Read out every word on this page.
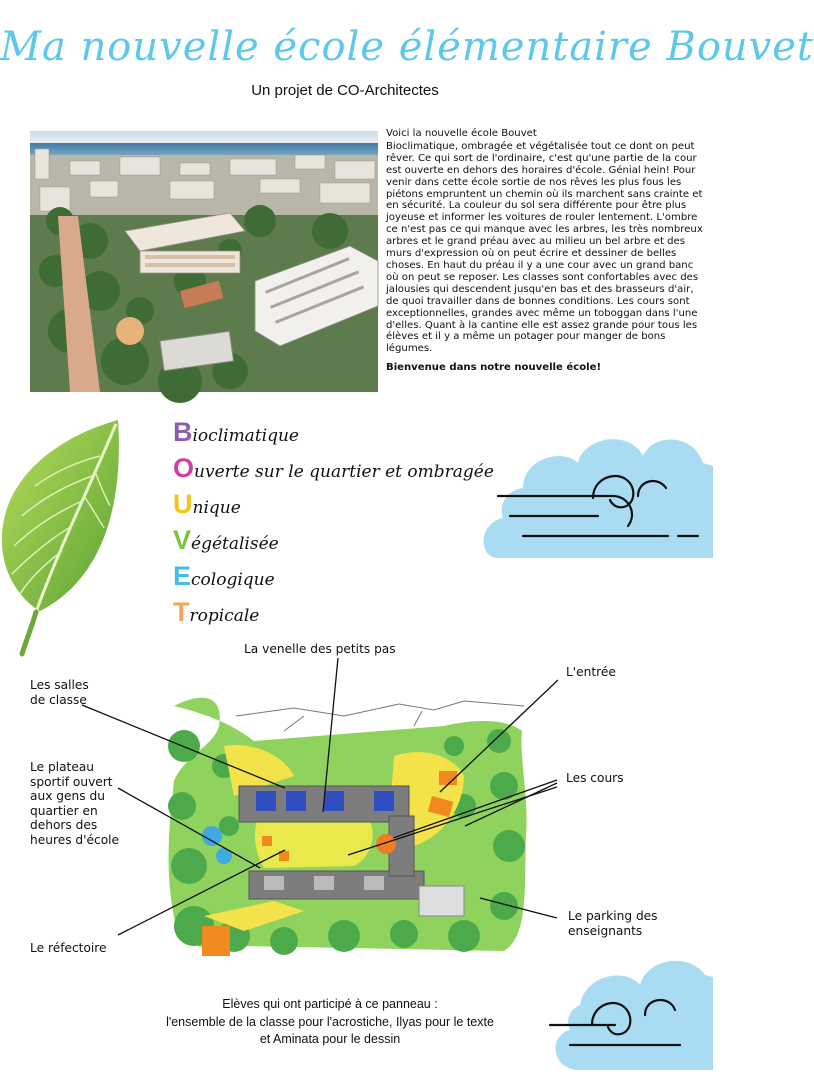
Ma nouvelle école élémentaire Bouvet
Un projet de CO-Architectes

Voici la nouvelle école Bouvet

Bioclimatique, ombragée et végétalisée tout ce dont on peut rêver. Ce qui sort de l'ordinaire, c'est qu'une partie de la cour est ouverte en dehors des horaires d'école. Génial hein! Pour venir dans cette école sortie de nos rêves les plus fous les piétons empruntent un chemin où ils marchent sans crainte et en sécurité. La couleur du sol sera différente pour être plus joyeuse et informer les voitures de rouler lentement. L'ombre ce n'est pas ce qui manque avec les arbres, les très nombreux arbres et le grand préau avec au milieu un bel arbre et des murs d'expression où on peut écrire et dessiner de belles choses. En haut du préau il y a une cour avec un grand banc où on peut se reposer. Les classes sont confortables avec des jalousies qui descendent jusqu'en bas et des brasseurs d'air, de quoi travailler dans de bonnes conditions. Les cours sont exceptionnelles, grandes avec même un toboggan dans l'une d'elles. Quant à la cantine elle est assez grande pour tous les élèves et il y a même un potager pour manger de bons légumes.

Bienvenue dans notre nouvelle école!

Bioclimatique
Ouverte sur le quartier et ombragée
Unique
Végétalisée
Ecologique
Tropicale
La venelle des petits pas
Les salles
de classe
L'entrée
Le plateau
sportif ouvert
aux gens du
quartier en
dehors des
heures d'école
Les cours
Le parking des
enseignants
Le réfectoire
Elèves qui ont participé à ce panneau :
l'ensemble de la classe pour l'acrostiche, Ilyas pour le texte
et Aminata pour le dessin
